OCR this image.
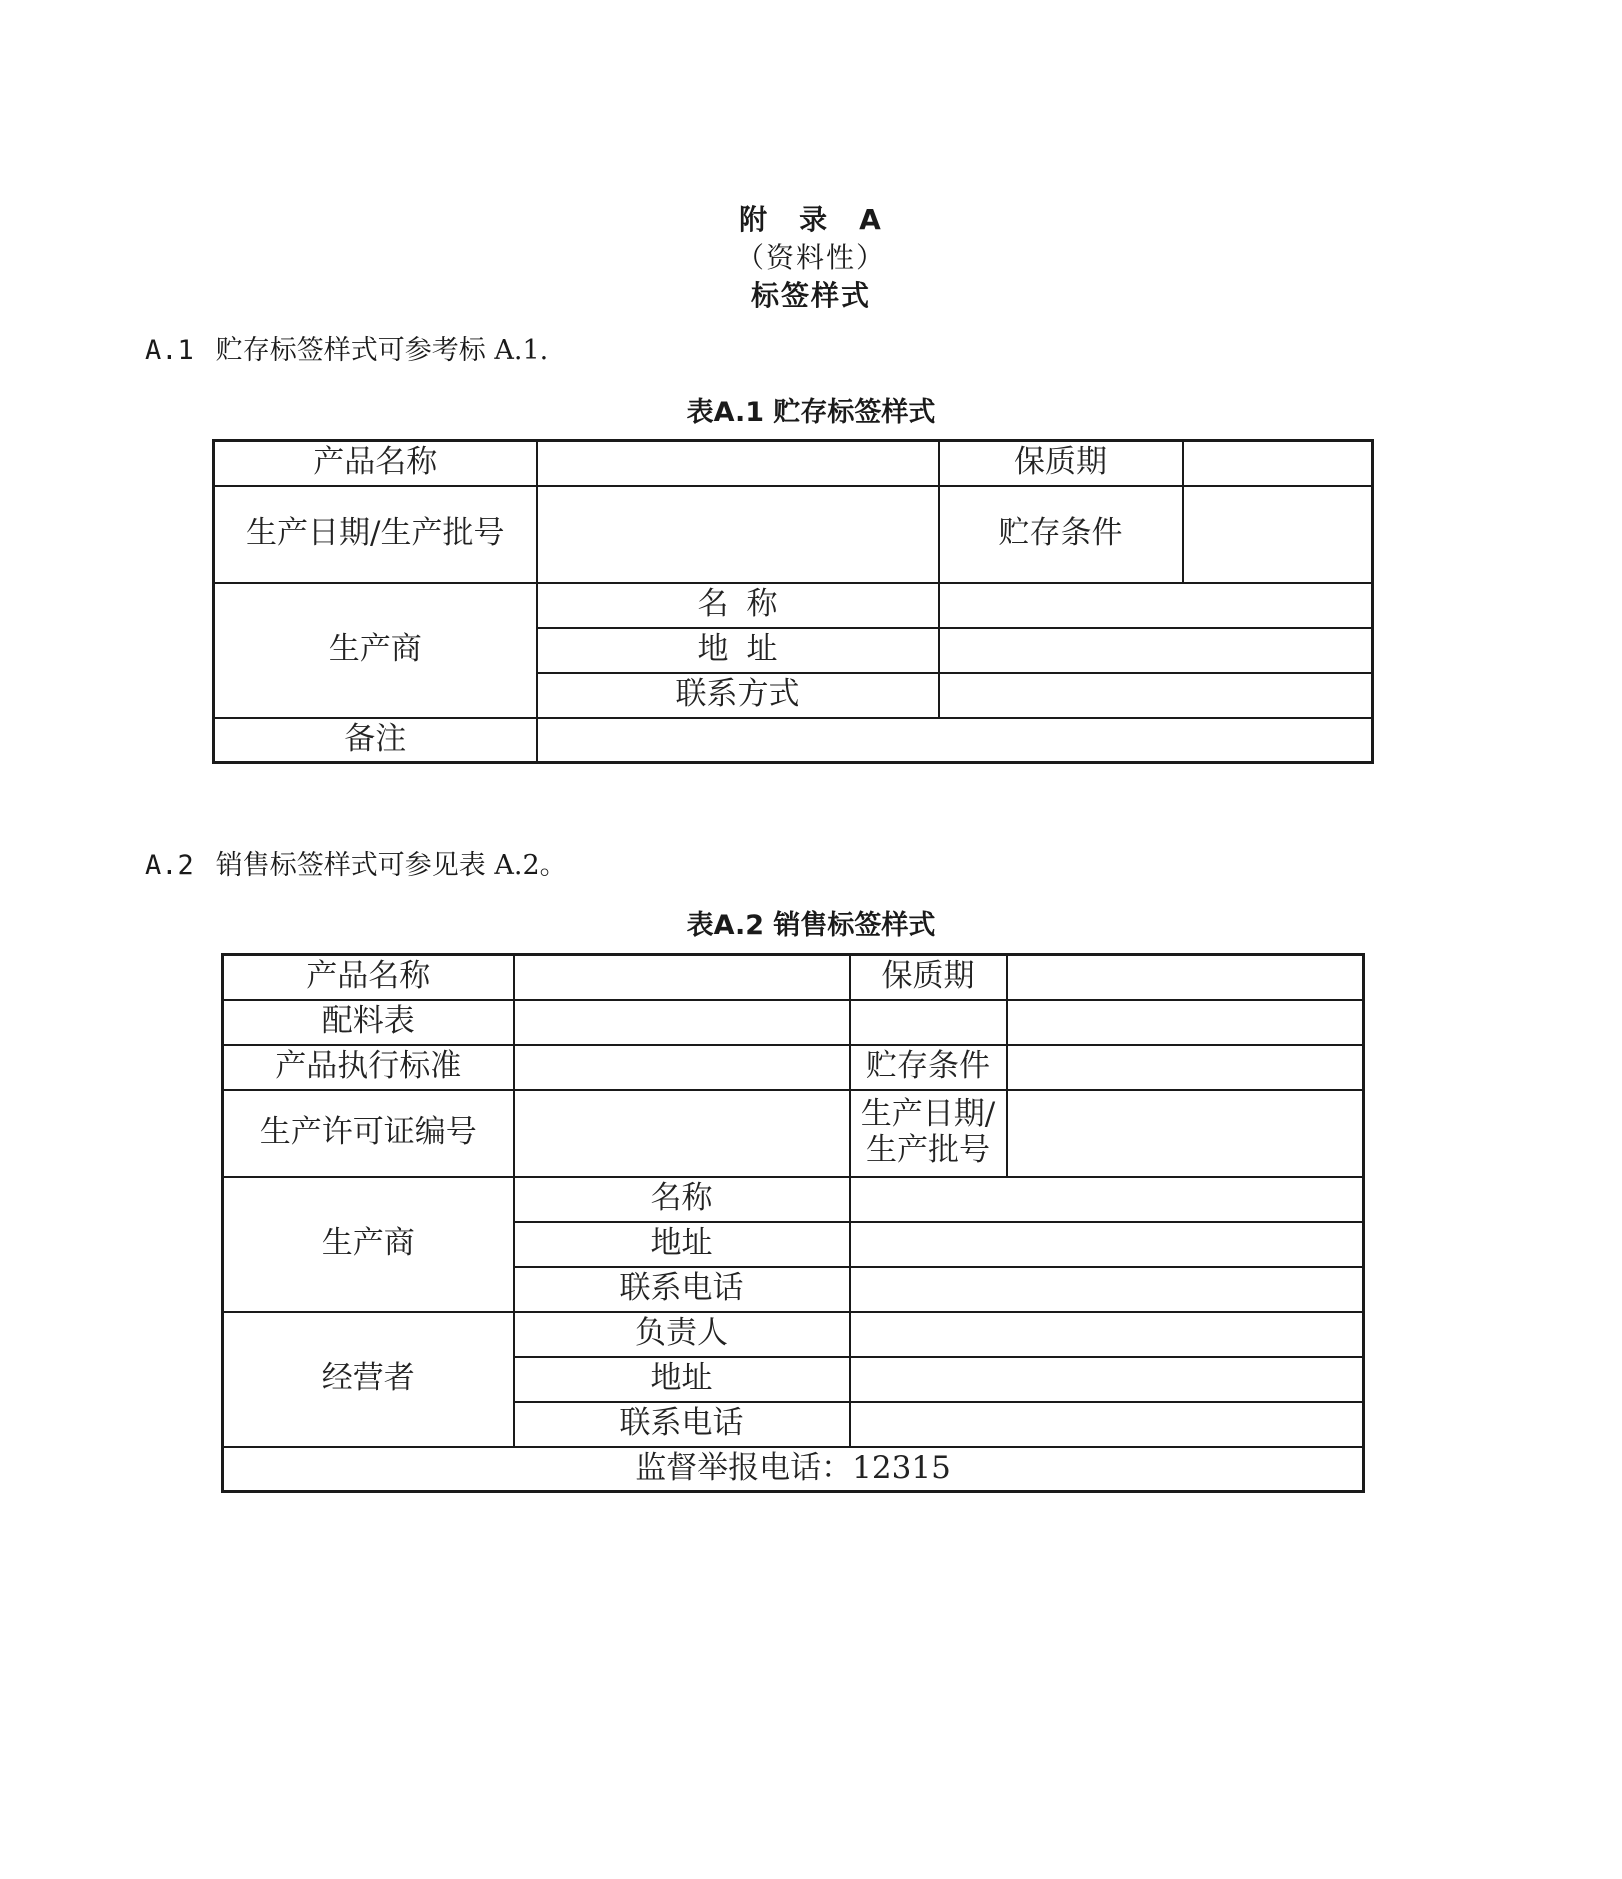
附　录　A
（资料性）
标签样式
A.1 贮存标签样式可参考标 A.1.
表A.1 贮存标签样式
产品名称		保质期	
生产日期/生产批号		贮存条件	
生产商	名称		
	地址		
	联系方式		
备注			
A.2 销售标签样式可参见表 A.2。
表A.2 销售标签样式
产品名称		保质期	
配料表			
产品执行标准		贮存条件	
生产许可证编号		生产日期/
生产批号	

生产商	名称		
	地址		
	联系电话		
经营者	负责人		
	地址		
	联系电话		
监督举报电话：12315			
